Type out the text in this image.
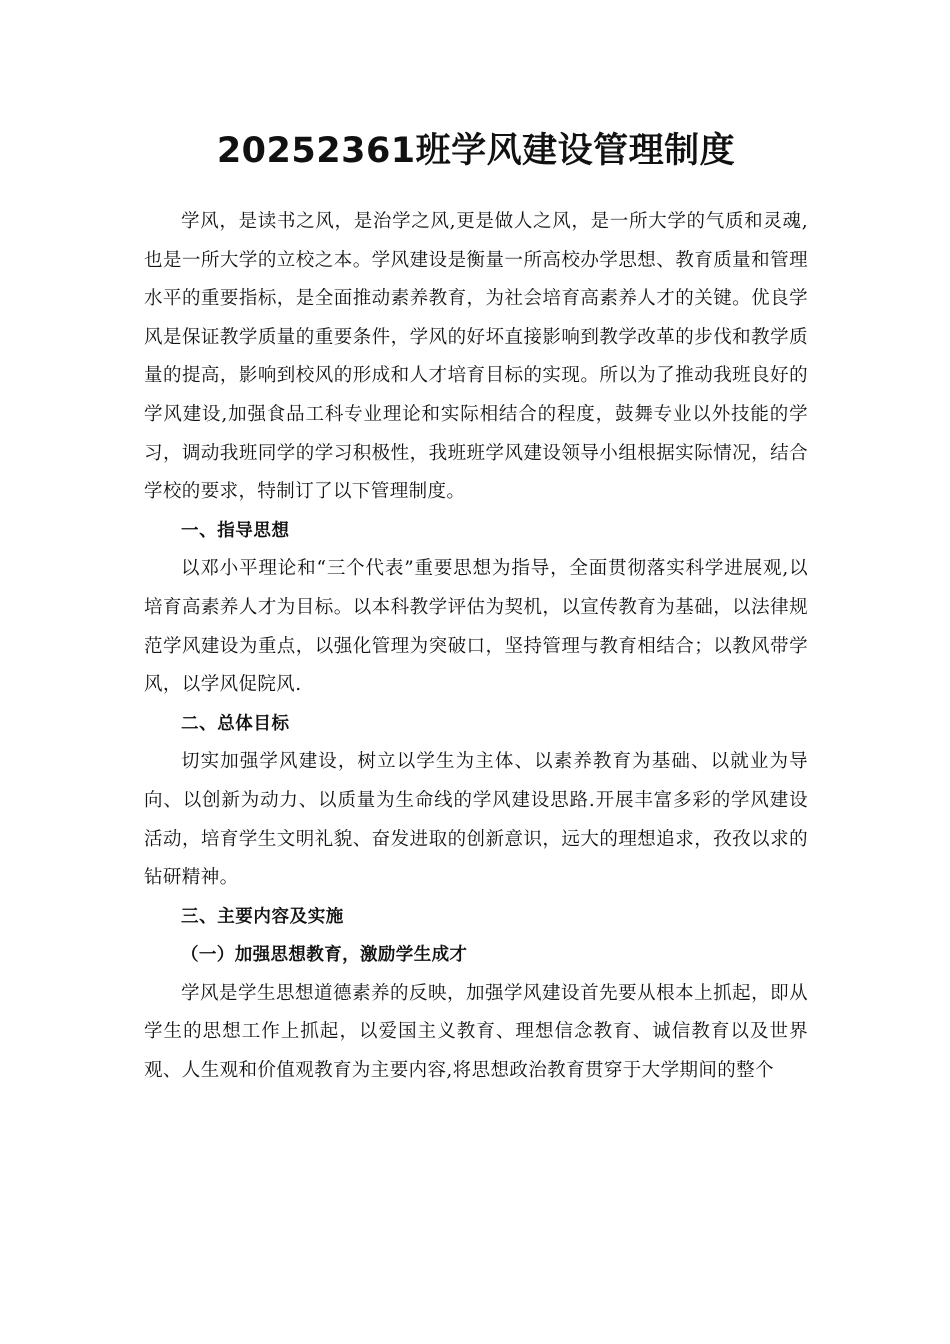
20252361班学风建设管理制度

学风，是读书之风，是治学之风,更是做人之风，是一所大学的气质和灵魂,也是一所大学的立校之本。学风建设是衡量一所高校办学思想、教育质量和管理水平的重要指标，是全面推动素养教育，为社会培育高素养人才的关键。优良学风是保证教学质量的重要条件，学风的好坏直接影响到教学改革的步伐和教学质量的提高，影响到校风的形成和人才培育目标的实现。所以为了推动我班良好的学风建设,加强食品工科专业理论和实际相结合的程度，鼓舞专业以外技能的学习，调动我班同学的学习积极性，我班班学风建设领导小组根据实际情况，结合学校的要求，特制订了以下管理制度。

一、指导思想

以邓小平理论和“三个代表”重要思想为指导，全面贯彻落实科学进展观,以培育高素养人才为目标。以本科教学评估为契机，以宣传教育为基础，以法律规范学风建设为重点，以强化管理为突破口，坚持管理与教育相结合；以教风带学风，以学风促院风.

二、总体目标

切实加强学风建设，树立以学生为主体、以素养教育为基础、以就业为导向、以创新为动力、以质量为生命线的学风建设思路.开展丰富多彩的学风建设活动，培育学生文明礼貌、奋发进取的创新意识，远大的理想追求，孜孜以求的钻研精神。

三、主要内容及实施

（一）加强思想教育，激励学生成才

学风是学生思想道德素养的反映，加强学风建设首先要从根本上抓起，即从学生的思想工作上抓起，以爱国主义教育、理想信念教育、诚信教育以及世界观、人生观和价值观教育为主要内容,将思想政治教育贯穿于大学期间的整个
